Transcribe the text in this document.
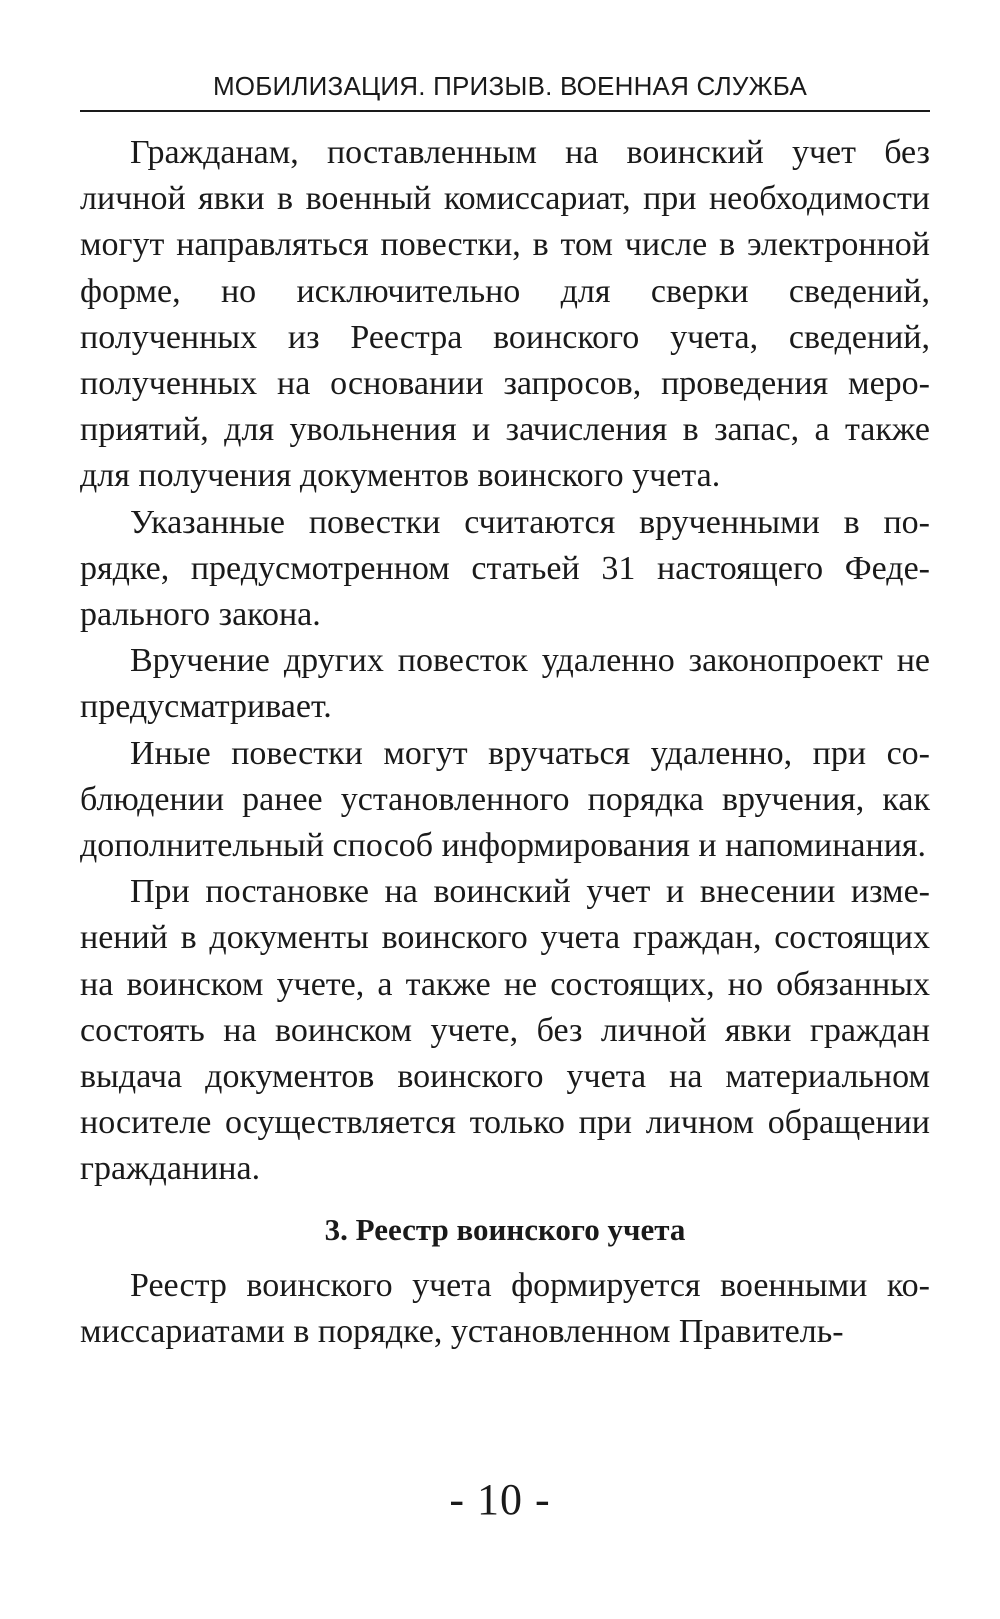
МОБИЛИЗАЦИЯ. ПРИЗЫВ. ВОЕННАЯ СЛУЖБА

Гражданам, поставленным на воинский учет без личной явки в военный комиссариат, при необходимости могут направляться повестки, в том числе в электронной форме, но исключительно для сверки сведений, полученных из Реестра воинского учета, сведений, полученных на основании запросов, проведения мероприятий, для увольнения и зачисления в запас, а также для получения документов воинского учета.

Указанные повестки считаются врученными в порядке, предусмотренном статьей 31 настоящего Федерального закона.

Вручение других повесток удаленно законопроект не предусматривает.

Иные повестки могут вручаться удаленно, при соблюдении ранее установленного порядка вручения, как дополнительный способ информирования и напоминания.

При постановке на воинский учет и внесении изменений в документы воинского учета граждан, состоящих на воинском учете, а также не состоящих, но обязанных состоять на воинском учете, без личной явки граждан выдача документов воинского учета на материальном носителе осуществляется только при личном обращении гражданина.

3. Реестр воинского учета

Реестр воинского учета формируется военными комиссариатами в порядке, установленном Правитель-

- 10 -
